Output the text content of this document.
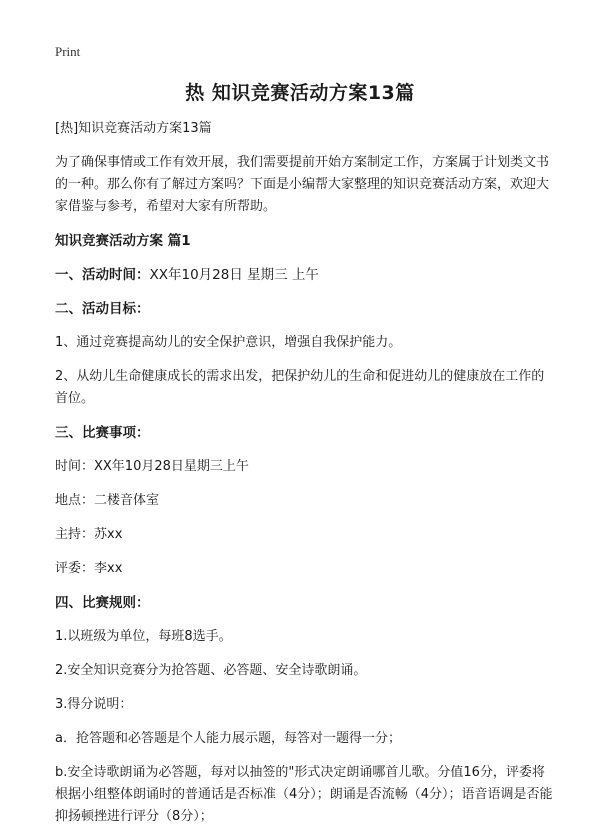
Print
热 知识竞赛活动方案13篇

[热]知识竞赛活动方案13篇

为了确保事情或工作有效开展，我们需要提前开始方案制定工作，方案属于计划类文书的一种。那么你有了解过方案吗？下面是小编帮大家整理的知识竞赛活动方案，欢迎大家借鉴与参考，希望对大家有所帮助。

知识竞赛活动方案 篇1

一、活动时间：XX年10月28日 星期三 上午

二、活动目标：

1、通过竞赛提高幼儿的安全保护意识，增强自我保护能力。

2、从幼儿生命健康成长的需求出发，把保护幼儿的生命和促进幼儿的健康放在工作的首位。

三、比赛事项：

时间：XX年10月28日星期三上午

地点：二楼音体室

主持：苏xx

评委：李xx

四、比赛规则：

1.以班级为单位，每班8选手。

2.安全知识竞赛分为抢答题、必答题、安全诗歌朗诵。

3.得分说明：

a．抢答题和必答题是个人能力展示题，每答对一题得一分；

b.安全诗歌朗诵为必答题，每对以抽签的"形式决定朗诵哪首儿歌。分值16分，评委将根据小组整体朗诵时的普通话是否标准（4分）；朗诵是否流畅（4分）；语音语调是否能抑扬顿挫进行评分（8分）；
